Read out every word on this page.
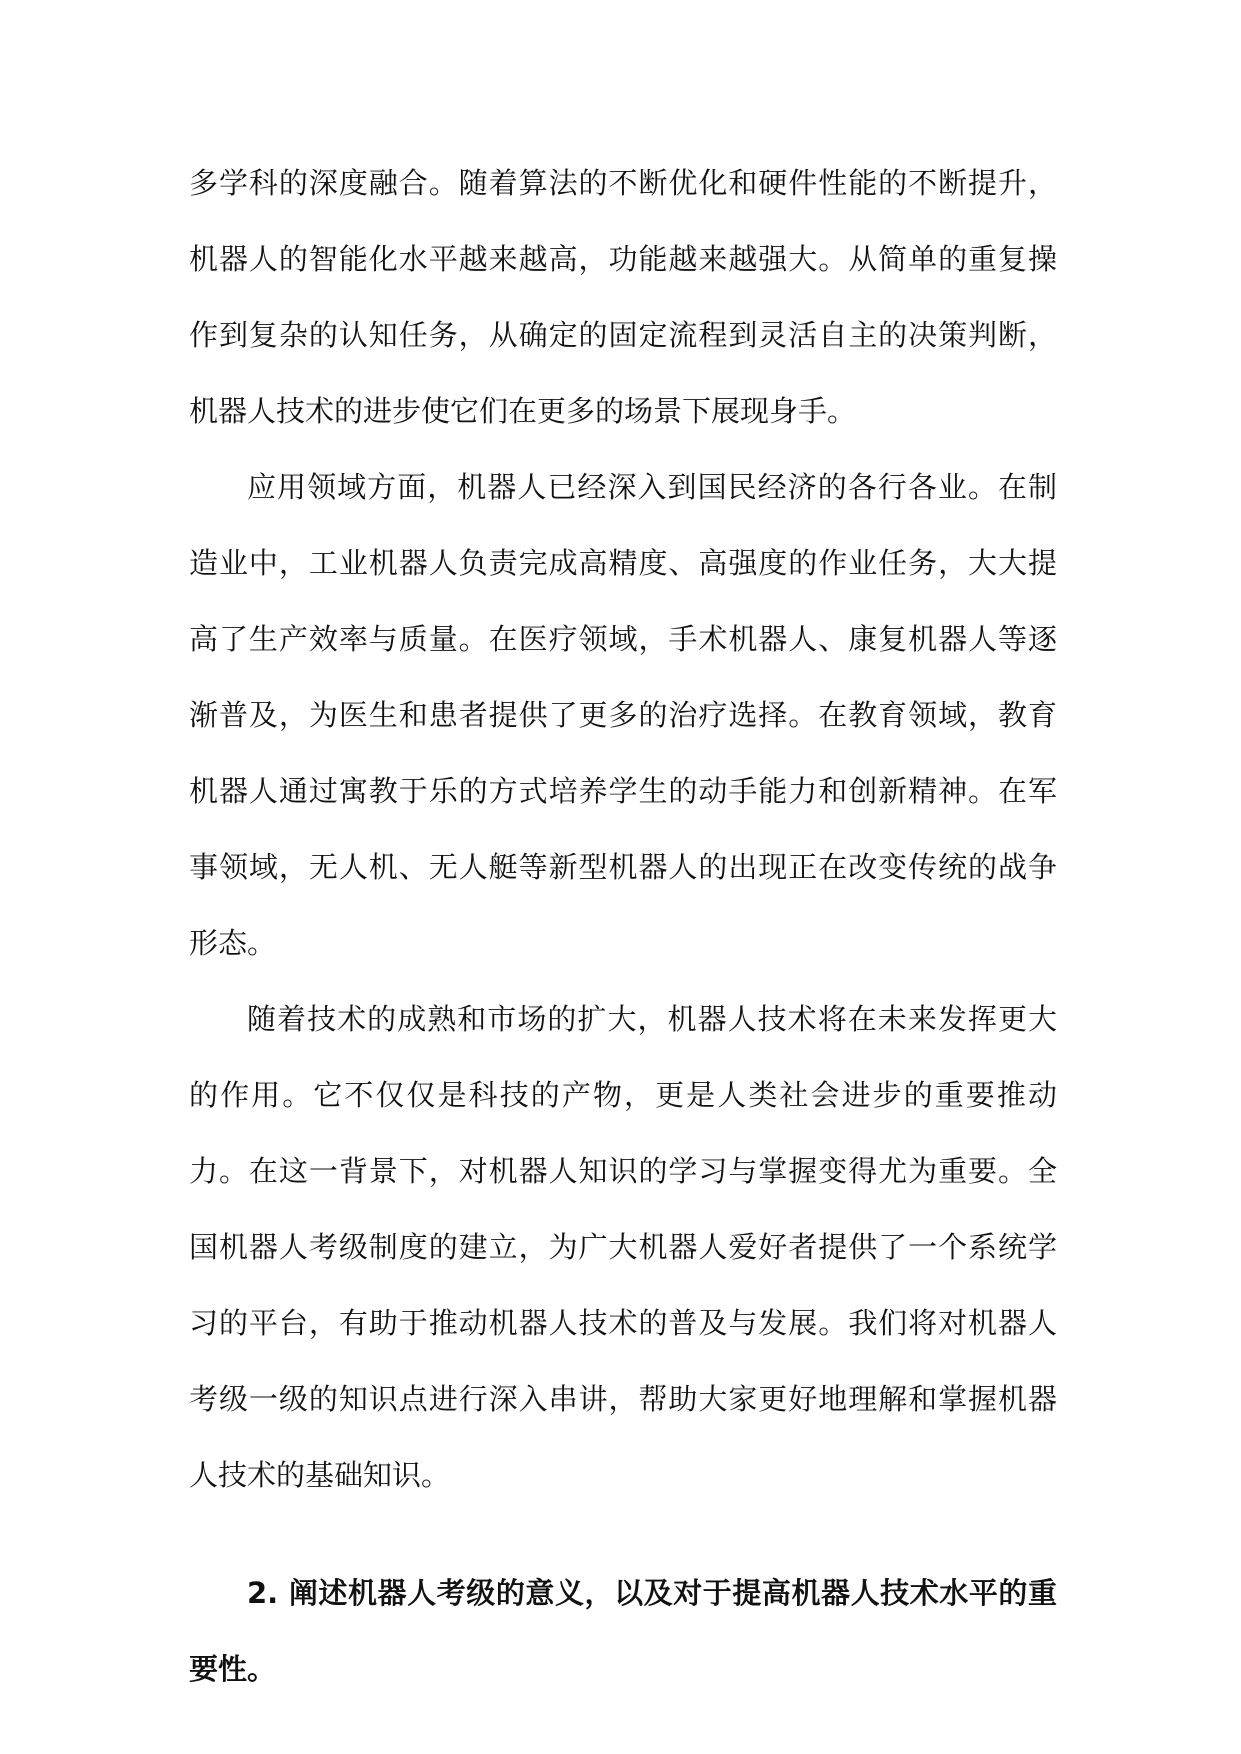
多学科的深度融合。随着算法的不断优化和硬件性能的不断提升，机器人的智能化水平越来越高，功能越来越强大。从简单的重复操作到复杂的认知任务，从确定的固定流程到灵活自主的决策判断，机器人技术的进步使它们在更多的场景下展现身手。

应用领域方面，机器人已经深入到国民经济的各行各业。在制造业中，工业机器人负责完成高精度、高强度的作业任务，大大提高了生产效率与质量。在医疗领域，手术机器人、康复机器人等逐渐普及，为医生和患者提供了更多的治疗选择。在教育领域，教育机器人通过寓教于乐的方式培养学生的动手能力和创新精神。在军事领域，无人机、无人艇等新型机器人的出现正在改变传统的战争形态。

随着技术的成熟和市场的扩大，机器人技术将在未来发挥更大的作用。它不仅仅是科技的产物，更是人类社会进步的重要推动力。在这一背景下，对机器人知识的学习与掌握变得尤为重要。全国机器人考级制度的建立，为广大机器人爱好者提供了一个系统学习的平台，有助于推动机器人技术的普及与发展。我们将对机器人考级一级的知识点进行深入串讲，帮助大家更好地理解和掌握机器人技术的基础知识。

2. 阐述机器人考级的意义，以及对于提高机器人技术水平的重要性。
